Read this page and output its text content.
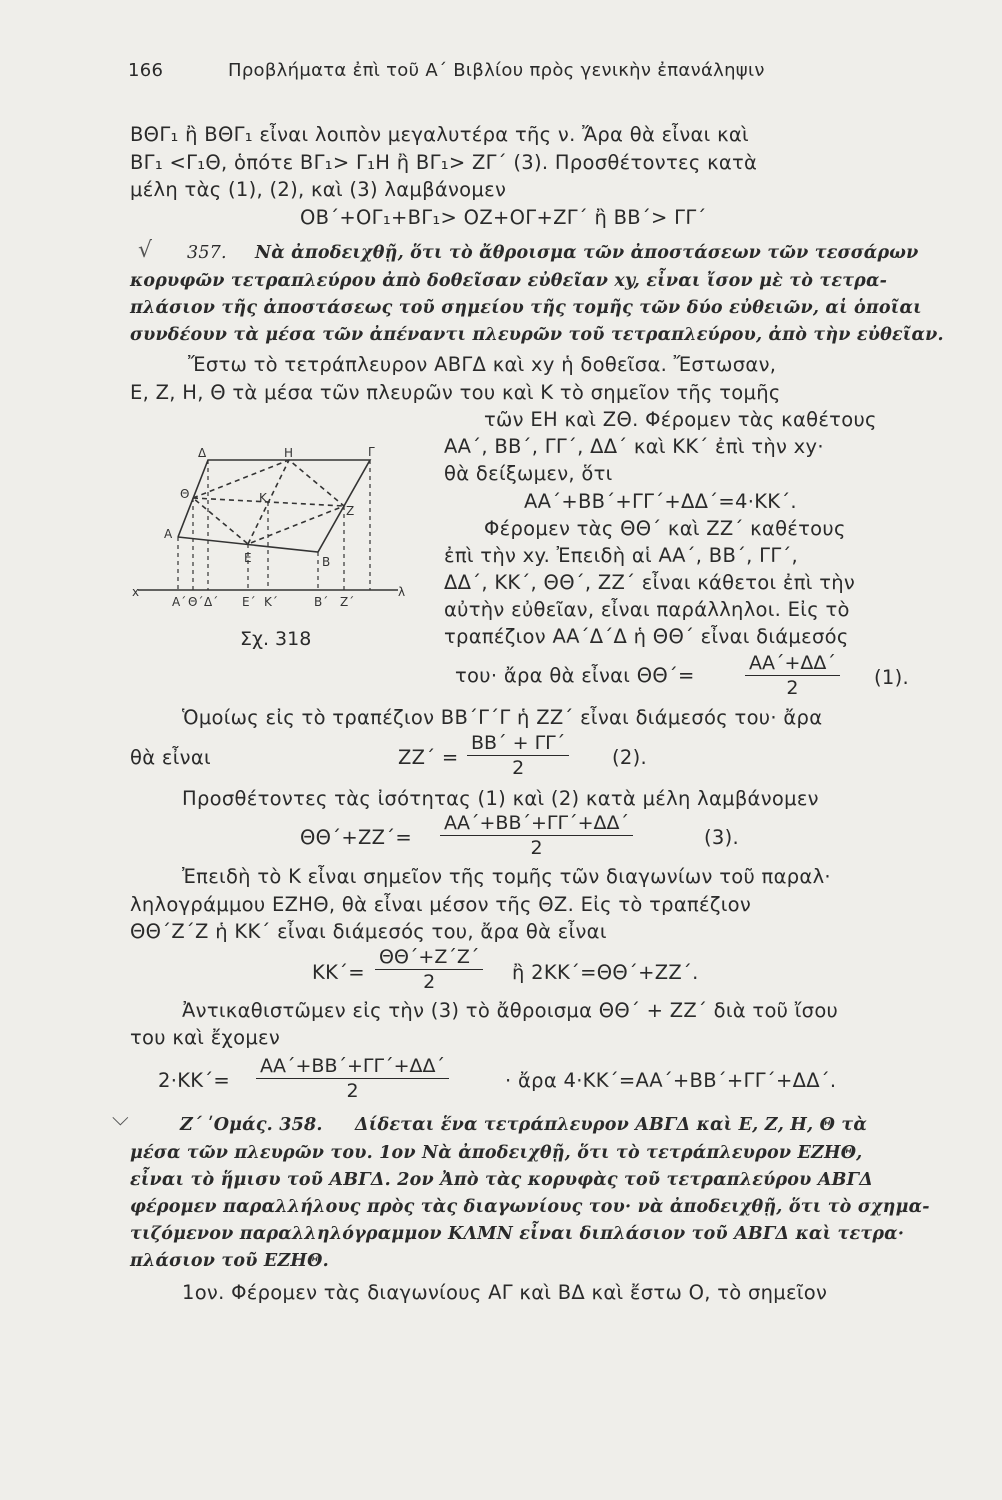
166	Προβλήματα ἐπὶ τοῦ Α΄ Βιβλίου πρὸς γενικὴν ἐπανάληψιν
ΒΘΓ₁ ἢ ΒΘΓ₁ εἶναι λοιπὸν μεγαλυτέρα τῆς ν. Ἄρα θὰ εἶναι καὶ
ΒΓ₁ <Γ₁Θ, ὁπότε ΒΓ₁> Γ₁Η ἢ ΒΓ₁> ΖΓ΄ (3). Προσθέτοντες κατὰ
μέλη τὰς (1), (2), καὶ (3) λαμβάνομεν
ΟΒ΄+ΟΓ₁+ΒΓ₁> ΟΖ+ΟΓ+ΖΓ΄ ἢ ΒΒ΄> ΓΓ΄
√ 357. Νὰ ἀποδειχθῇ, ὅτι τὸ ἄθροισμα τῶν ἀποστάσεων τῶν τεσσάρων
κορυφῶν τετραπλεύρου ἀπὸ δοθεῖσαν εὐθεῖαν xy, εἶναι ἴσον μὲ τὸ τετρα-
πλάσιον τῆς ἀποστάσεως τοῦ σημείου τῆς τομῆς τῶν δύο εὐθειῶν, αἱ ὁποῖαι
συνδέουν τὰ μέσα τῶν ἀπέναντι πλευρῶν τοῦ τετραπλεύρου, ἀπὸ τὴν εὐθεῖαν.
Ἔστω τὸ τετράπλευρον ΑΒΓΔ καὶ xy ἡ δοθεῖσα. Ἔστωσαν,
Ε, Ζ, Η, Θ τὰ μέσα τῶν πλευρῶν του καὶ Κ τὸ σημεῖον τῆς τομῆς
τῶν ΕΗ καὶ ΖΘ. Φέρομεν τὰς καθέτους
ΑΑ΄, ΒΒ΄, ΓΓ΄, ΔΔ΄ καὶ ΚΚ΄ ἐπὶ τὴν xy·
θὰ δείξωμεν, ὅτι
ΑΑ΄+ΒΒ΄+ΓΓ΄+ΔΔ΄=4·ΚΚ΄.
Φέρομεν τὰς ΘΘ΄ καὶ ΖΖ΄ καθέτους
ἐπὶ τὴν xy. Ἐπειδὴ αἱ ΑΑ΄, ΒΒ΄, ΓΓ΄,
ΔΔ΄, ΚΚ΄, ΘΘ΄, ΖΖ΄ εἶναι κάθετοι ἐπὶ τὴν
αὐτὴν εὐθεῖαν, εἶναι παράλληλοι. Εἰς τὸ
τραπέζιον ΑΑ΄Δ΄Δ ἡ ΘΘ΄ εἶναι διάμεσός
Δ	Η	Γ
Θ
Α
Κ
Ζ
Ε	Β
x	λ
Α΄ Θ΄ Δ΄ Ε΄ Κ΄	Β΄ Ζ΄
Σχ. 318
του· ἄρα θὰ εἶναι ΘΘ΄=	$\frac{AA΄+\Delta\Delta΄}{2} (1)$.
Ὁμοίως εἰς τὸ τραπέζιον ΒΒ΄Γ΄Γ ἡ ΖΖ΄ εἶναι διάμεσός του· ἄρα
θὰ εἶναι	$ZZ΄ = \frac{BB΄ + \Gamma\Gamma΄}{2} (2)$.
Προσθέτοντες τὰς ἰσότητας (1) καὶ (2) κατὰ μέλη λαμβάνομεν
$\Theta\Theta΄+ZZ΄= \frac{AA΄+BB΄+\Gamma\Gamma΄+\Delta\Delta΄}{2}$	(3).
Ἐπειδὴ τὸ Κ εἶναι σημεῖον τῆς τομῆς τῶν διαγωνίων τοῦ παραλ·
ληλογράμμου ΕΖΗΘ, θὰ εἶναι μέσον τῆς ΘΖ. Εἰς τὸ τραπέζιον
ΘΘ΄Ζ΄Ζ ἡ ΚΚ΄ εἶναι διάμεσός του, ἄρα θὰ εἶναι
$KK΄= \frac{\Theta\Theta΄+Z΄Z΄}{2}$ ἢ 2ΚΚ΄=ΘΘ΄+ΖΖ΄.
Ἀντικαθιστῶμεν εἰς τὴν (3) τὸ ἄθροισμα ΘΘ΄ + ΖΖ΄ διὰ τοῦ ἴσου
του καὶ ἔχομεν
$2\cdot KK΄= \frac{AA΄+BB΄+\Gamma\Gamma΄+\Delta\Delta΄}{2}$	· ἄρα 4·ΚΚ΄=ΑΑ΄+ΒΒ΄+ΓΓ΄+ΔΔ΄.
⌵	Ζ΄ ʹΟμάς. 358. Δίδεται ἕνα τετράπλευρον ΑΒΓΔ καὶ Ε, Ζ, Η, Θ τὰ
μέσα τῶν πλευρῶν του. 1ον Νὰ ἀποδειχθῇ, ὅτι τὸ τετράπλευρον ΕΖΗΘ,
εἶναι τὸ ἥμισυ τοῦ ΑΒΓΔ. 2ον Ἀπὸ τὰς κορυφὰς τοῦ τετραπλεύρου ΑΒΓΔ
φέρομεν παραλλήλους πρὸς τὰς διαγωνίους του· νὰ ἀποδειχθῇ, ὅτι τὸ σχημα-
τιζόμενον παραλληλόγραμμον ΚΛΜΝ εἶναι διπλάσιον τοῦ ΑΒΓΔ καὶ τετρα·
πλάσιον τοῦ ΕΖΗΘ.
1ον. Φέρομεν τὰς διαγωνίους ΑΓ καὶ ΒΔ καὶ ἔστω Ο, τὸ σημεῖον
